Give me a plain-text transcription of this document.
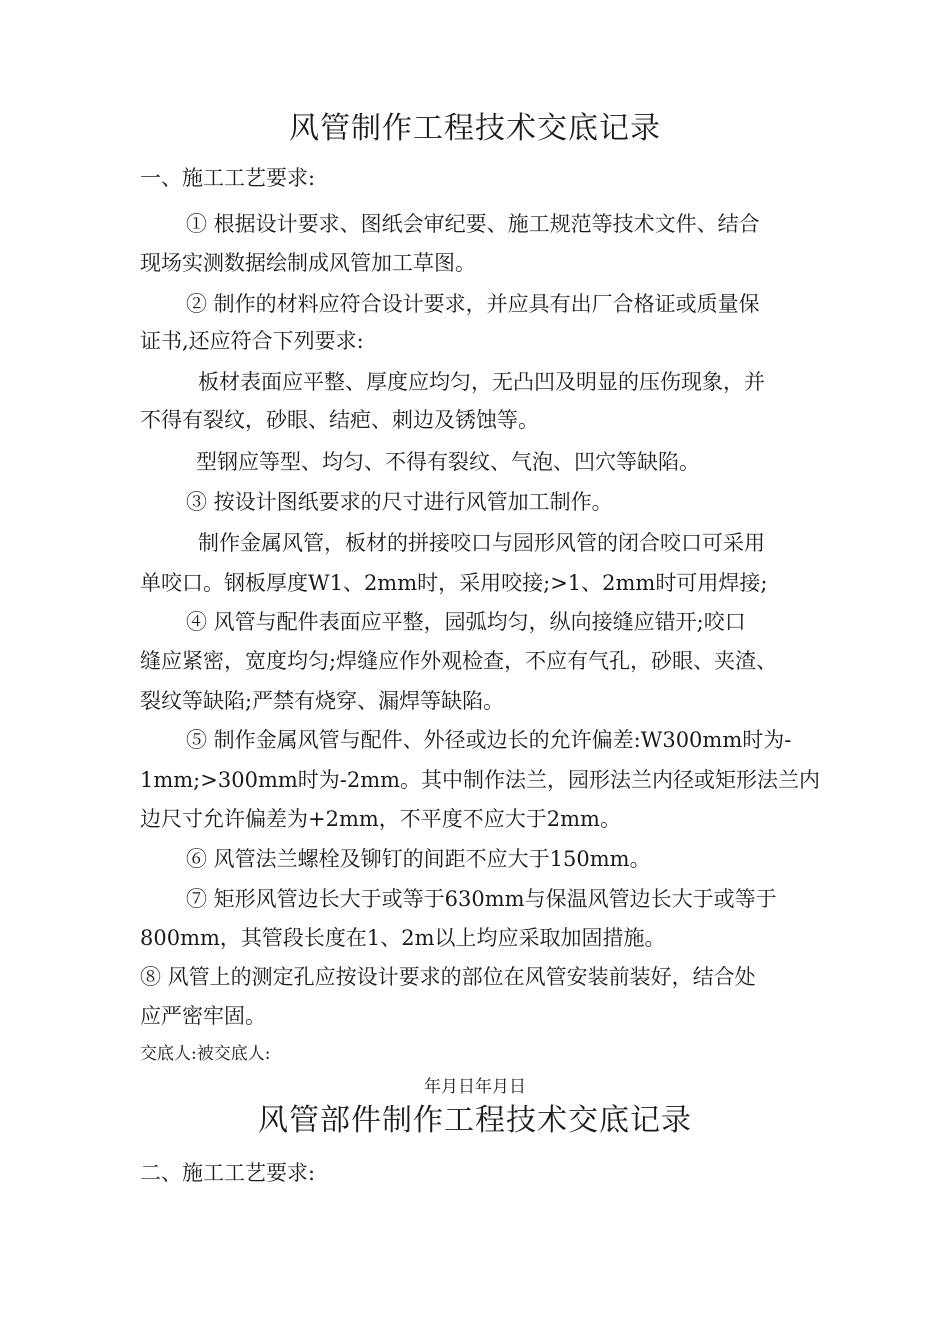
风管制作工程技术交底记录
一、施工工艺要求:
① 根据设计要求、图纸会审纪要、施工规范等技术文件、结合
现场实测数据绘制成风管加工草图。
② 制作的材料应符合设计要求，并应具有出厂合格证或质量保
证书,还应符合下列要求:
板材表面应平整、厚度应均匀，无凸凹及明显的压伤现象，并
不得有裂纹，砂眼、结疤、刺边及锈蚀等。
型钢应等型、均匀、不得有裂纹、气泡、凹穴等缺陷。
③ 按设计图纸要求的尺寸进行风管加工制作。
制作金属风管，板材的拼接咬口与园形风管的闭合咬口可采用
单咬口。钢板厚度W1、2mm时，采用咬接;>1、2mm时可用焊接;
④ 风管与配件表面应平整，园弧均匀，纵向接缝应错开;咬口
缝应紧密，宽度均匀;焊缝应作外观检查，不应有气孔，砂眼、夹渣、
裂纹等缺陷;严禁有烧穿、漏焊等缺陷。
⑤ 制作金属风管与配件、外径或边长的允许偏差:W300mm时为-
1mm;>300mm时为-2mm。其中制作法兰，园形法兰内径或矩形法兰内
边尺寸允许偏差为+2mm，不平度不应大于2mm。
⑥ 风管法兰螺栓及铆钉的间距不应大于150mm。
⑦ 矩形风管边长大于或等于630mm与保温风管边长大于或等于
800mm，其管段长度在1、2m以上均应采取加固措施。
⑧ 风管上的测定孔应按设计要求的部位在风管安装前装好，结合处
应严密牢固。
交底人:被交底人:
年月日年月日
风管部件制作工程技术交底记录
二、施工工艺要求:
